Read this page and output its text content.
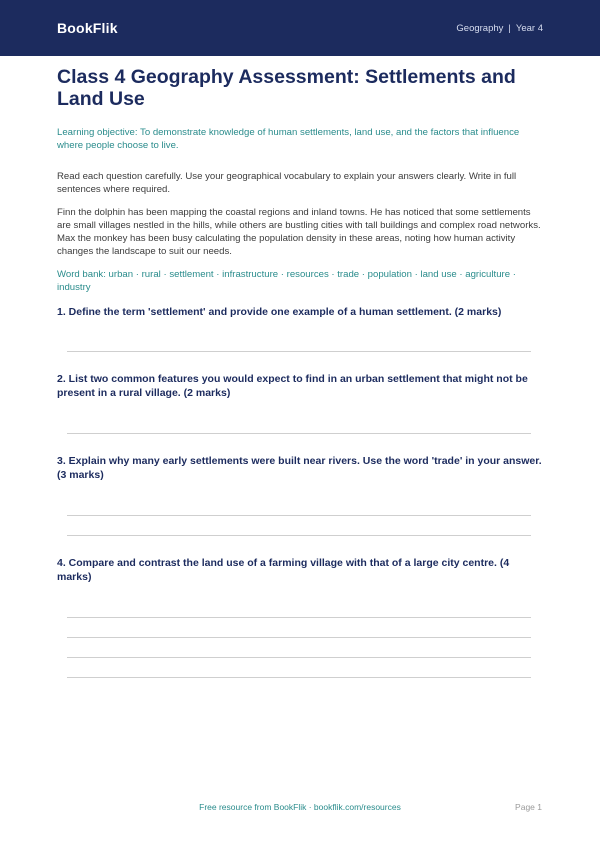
BookFlik	Geography | Year 4
Class 4 Geography Assessment: Settlements and Land Use
Learning objective: To demonstrate knowledge of human settlements, land use, and the factors that influence where people choose to live.
Read each question carefully. Use your geographical vocabulary to explain your answers clearly. Write in full sentences where required.
Finn the dolphin has been mapping the coastal regions and inland towns. He has noticed that some settlements are small villages nestled in the hills, while others are bustling cities with tall buildings and complex road networks. Max the monkey has been busy calculating the population density in these areas, noting how human activity changes the landscape to suit our needs.
Word bank: urban · rural · settlement · infrastructure · resources · trade · population · land use · agriculture · industry
1. Define the term 'settlement' and provide one example of a human settlement. (2 marks)
2. List two common features you would expect to find in an urban settlement that might not be present in a rural village. (2 marks)
3. Explain why many early settlements were built near rivers. Use the word 'trade' in your answer. (3 marks)
4. Compare and contrast the land use of a farming village with that of a large city centre. (4 marks)
Free resource from BookFlik · bookflik.com/resources	Page 1
